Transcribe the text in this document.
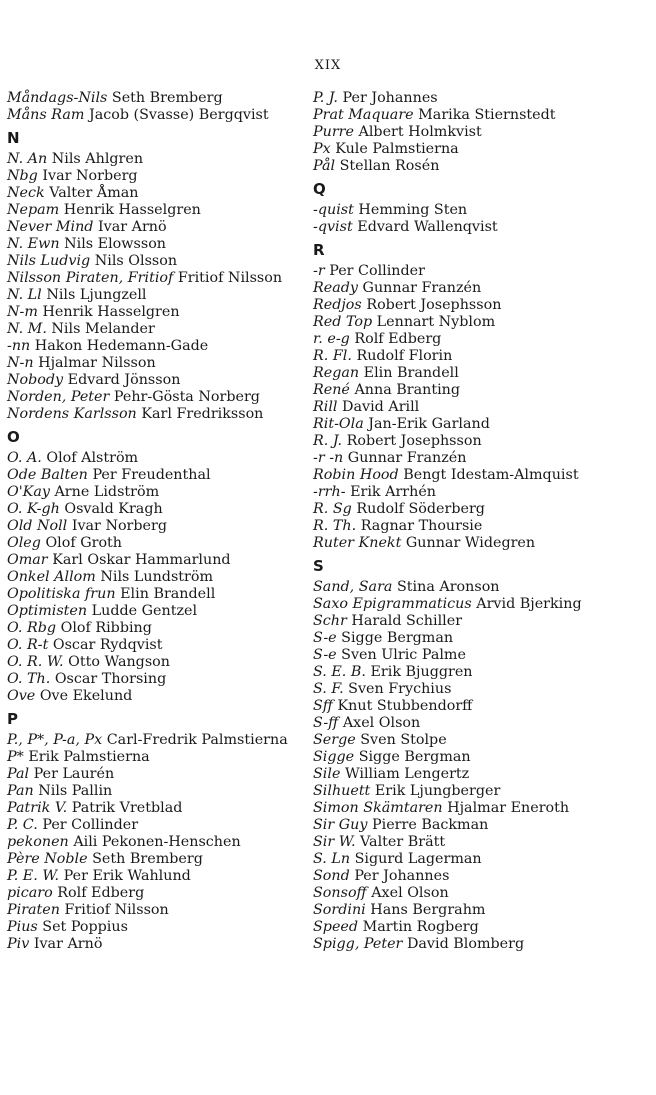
XIX
Måndags-Nils Seth Bremberg
Måns Ram Jacob (Svasse) Bergqvist
N
N. An Nils Ahlgren
Nbg Ivar Norberg
Neck Valter Åman
Nepam Henrik Hasselgren
Never Mind Ivar Arnö
N. Ewn Nils Elowsson
Nils Ludvig Nils Olsson
Nilsson Piraten, Fritiof Fritiof Nilsson
N. Ll Nils Ljungzell
N-m Henrik Hasselgren
N. M. Nils Melander
-nn Hakon Hedemann-Gade
N-n Hjalmar Nilsson
Nobody Edvard Jönsson
Norden, Peter Pehr-Gösta Norberg
Nordens Karlsson Karl Fredriksson
O
O. A. Olof Alström
Ode Balten Per Freudenthal
O'Kay Arne Lidström
O. K-gh Osvald Kragh
Old Noll Ivar Norberg
Oleg Olof Groth
Omar Karl Oskar Hammarlund
Onkel Allom Nils Lundström
Opolitiska frun Elin Brandell
Optimisten Ludde Gentzel
O. Rbg Olof Ribbing
O. R-t Oscar Rydqvist
O. R. W. Otto Wangson
O. Th. Oscar Thorsing
Ove Ove Ekelund
P
P., P*, P-a, Px Carl-Fredrik Palmstierna
P* Erik Palmstierna
Pal Per Laurén
Pan Nils Pallin
Patrik V. Patrik Vretblad
P. C. Per Collinder
pekonen Aili Pekonen-Henschen
Père Noble Seth Bremberg
P. E. W. Per Erik Wahlund
picaro Rolf Edberg
Piraten Fritiof Nilsson
Pius Set Poppius
Piv Ivar Arnö
P. J. Per Johannes
Prat Maquare Marika Stiernstedt
Purre Albert Holmkvist
Px Kule Palmstierna
Pål Stellan Rosén
Q
-quist Hemming Sten
-qvist Edvard Wallenqvist
R
-r Per Collinder
Ready Gunnar Franzén
Redjos Robert Josephsson
Red Top Lennart Nyblom
r. e-g Rolf Edberg
R. Fl. Rudolf Florin
Regan Elin Brandell
René Anna Branting
Rill David Arill
Rit-Ola Jan-Erik Garland
R. J. Robert Josephsson
-r -n Gunnar Franzén
Robin Hood Bengt Idestam-Almquist
-rrh- Erik Arrhén
R. Sg Rudolf Söderberg
R. Th. Ragnar Thoursie
Ruter Knekt Gunnar Widegren
S
Sand, Sara Stina Aronson
Saxo Epigrammaticus Arvid Bjerking
Schr Harald Schiller
S-e Sigge Bergman
S-e Sven Ulric Palme
S. E. B. Erik Bjuggren
S. F. Sven Frychius
Sff Knut Stubbendorff
S-ff Axel Olson
Serge Sven Stolpe
Sigge Sigge Bergman
Sile William Lengertz
Silhuett Erik Ljungberger
Simon Skämtaren Hjalmar Eneroth
Sir Guy Pierre Backman
Sir W. Valter Brätt
S. Ln Sigurd Lagerman
Sond Per Johannes
Sonsoff Axel Olson
Sordini Hans Bergrahm
Speed Martin Rogberg
Spigg, Peter David Blomberg
